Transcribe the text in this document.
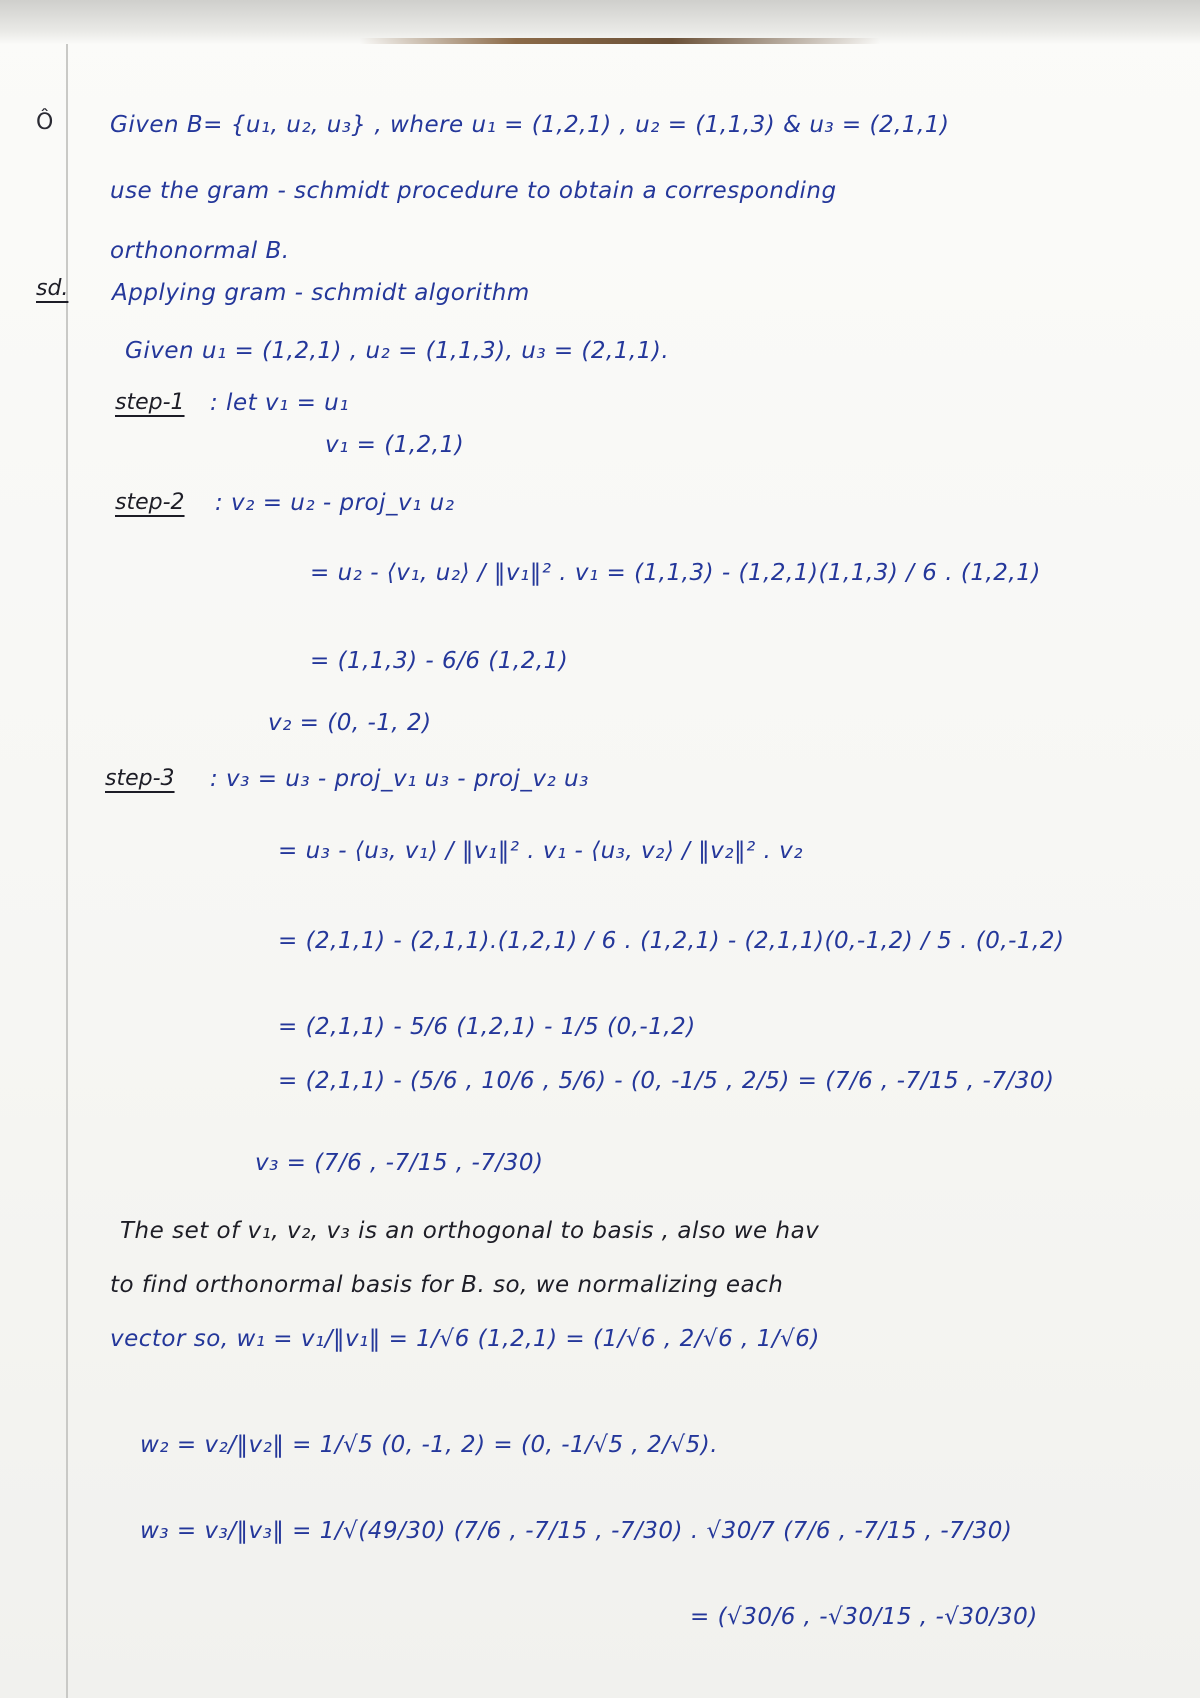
Ô Given B= {u₁, u₂, u₃} , where u₁ = (1,2,1) , u₂ = (1,1,3) & u₃ = (2,1,1)
use the gram - schmidt procedure to obtain a corresponding
orthonormal B.
sd. Applying gram - schmidt algorithm
Given u₁ = (1,2,1) , u₂ = (1,1,3), u₃ = (2,1,1).
step-1 : let v₁ = u₁
v₁ = (1,2,1)
step-2 : v₂ = u₂ - proj_v₁ u₂
= u₂ - ⟨v₁, u₂⟩ / ‖v₁‖² . v₁ = (1,1,3) - (1,2,1)(1,1,3) / 6 . (1,2,1)
= (1,1,3) - 6/6 (1,2,1)
v₂ = (0, -1, 2)
step-3 : v₃ = u₃ - proj_v₁ u₃ - proj_v₂ u₃
= u₃ - ⟨u₃, v₁⟩ / ‖v₁‖² . v₁ - ⟨u₃, v₂⟩ / ‖v₂‖² . v₂
= (2,1,1) - (2,1,1).(1,2,1) / 6 . (1,2,1) - (2,1,1)(0,-1,2) / 5 . (0,-1,2)
= (2,1,1) - 5/6 (1,2,1) - 1/5 (0,-1,2)
= (2,1,1) - (5/6 , 10/6 , 5/6) - (0, -1/5 , 2/5) = (7/6 , -7/15 , -7/30)
v₃ = (7/6 , -7/15 , -7/30)
The set of v₁, v₂, v₃ is an orthogonal to basis , also we hav
to find orthonormal basis for B. so, we normalizing each
vector so, w₁ = v₁/‖v₁‖ = 1/√6 (1,2,1) = (1/√6 , 2/√6 , 1/√6)
w₂ = v₂/‖v₂‖ = 1/√5 (0, -1, 2) = (0, -1/√5 , 2/√5).
w₃ = v₃/‖v₃‖ = 1/√(49/30) (7/6 , -7/15 , -7/30) . √30/7 (7/6 , -7/15 , -7/30)
= (√30/6 , -√30/15 , -√30/30)
